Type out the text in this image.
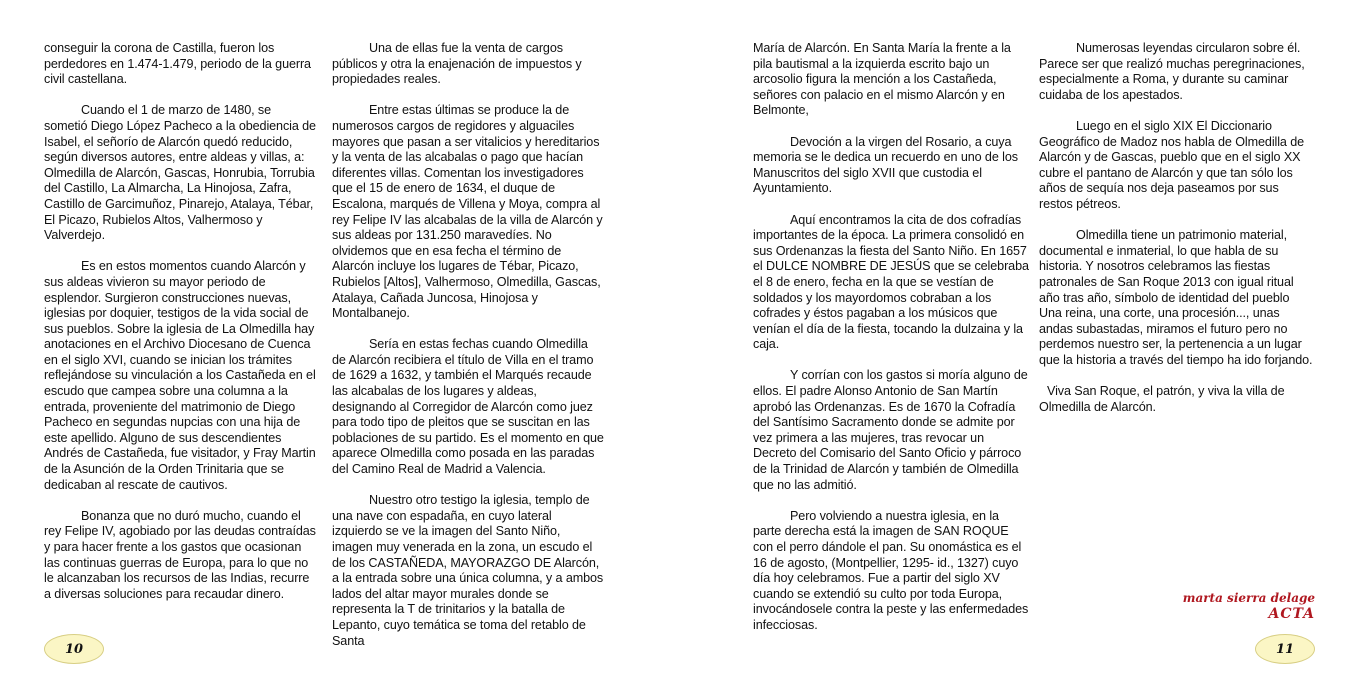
conseguir la corona de Castilla, fueron los perdedores en 1.474-1.479, periodo de la guerra civil castellana.

Cuando el 1 de marzo de 1480, se sometió Diego López Pacheco a la obediencia de Isabel, el señorío de Alarcón quedó reducido, según diversos autores, entre aldeas y villas, a: Olmedilla de Alarcón, Gascas, Honrubia, Torrubia del Castillo, La Almarcha, La Hinojosa, Zafra, Castillo de Garcimuñoz, Pinarejo, Atalaya, Tébar, El Picazo, Rubielos Altos, Valhermoso y Valverdejo.

Es en estos momentos cuando Alarcón y sus aldeas vivieron su mayor periodo de esplendor. Surgieron construcciones nuevas, iglesias por doquier, testigos de la vida social de sus pueblos. Sobre la iglesia de La Olmedilla hay anotaciones en el Archivo Diocesano de Cuenca en el siglo XVI, cuando se inician los trámites reflejándose su vinculación a los Castañeda en el escudo que campea sobre una columna a la entrada, proveniente del matrimonio de Diego Pacheco en segundas nupcias con una hija de este apellido. Alguno de sus descendientes Andrés de Castañeda, fue visitador, y Fray Martin de la Asunción de la Orden Trinitaria que se dedicaban al rescate de cautivos.

Bonanza que no duró mucho, cuando el rey Felipe IV, agobiado por las deudas contraídas y para hacer frente a los gastos que ocasionan las continuas guerras de Europa, para lo que no le alcanzaban los recursos de las Indias, recurre a diversas soluciones para recaudar dinero.

Una de ellas fue la venta de cargos públicos y otra la enajenación de impuestos y propiedades reales.

Entre estas últimas se produce la de numerosos cargos de regidores y alguaciles mayores que pasan a ser vitalicios y hereditarios y la venta de las alcabalas o pago que hacían diferentes villas. Comentan los investigadores que el 15 de enero de 1634, el duque de Escalona, marqués de Villena y Moya, compra al rey Felipe IV las alcabalas de la villa de Alarcón y sus aldeas por 131.250 maravedíes. No olvidemos que en esa fecha el término de Alarcón incluye los lugares de Tébar, Picazo, Rubielos [Altos], Valhermoso, Olmedilla, Gascas, Atalaya, Cañada Juncosa, Hinojosa y Montalbanejo.

Sería en estas fechas cuando Olmedilla de Alarcón recibiera el título de Villa en el tramo de 1629 a 1632, y también el Marqués recaude las alcabalas de los lugares y aldeas, designando al Corregidor de Alarcón como juez para todo tipo de pleitos que se suscitan en las poblaciones de su partido. Es el momento en que aparece Olmedilla como posada en las paradas del Camino Real de Madrid a Valencia.

Nuestro otro testigo la iglesia, templo de una nave con espadaña, en cuyo lateral izquierdo se ve la imagen del Santo Niño, imagen muy venerada en la zona, un escudo el de los CASTAÑEDA, MAYORAZGO DE Alarcón, a la entrada sobre una única columna, y a ambos lados del altar mayor murales donde se representa la T de trinitarios y la batalla de Lepanto, cuyo temática se toma del retablo de Santa

María de Alarcón. En Santa María la frente a la pila bautismal a la izquierda escrito bajo un arcosolio figura la mención a los Castañeda, señores con palacio en el mismo Alarcón y en Belmonte,

Devoción a la virgen del Rosario, a cuya memoria se le dedica un recuerdo en uno de los Manuscritos del siglo XVII que custodia el Ayuntamiento.

Aquí encontramos la cita de dos cofradías importantes de la época. La primera consolidó en sus Ordenanzas la fiesta del Santo Niño. En 1657 el DULCE NOMBRE DE JESÚS que se celebraba el 8 de enero, fecha en la que se vestían de soldados y los mayordomos cobraban a los cofrades y éstos pagaban a los músicos que venían el día de la fiesta, tocando la dulzaina y la caja.

Y corrían con los gastos si moría alguno de ellos. El padre Alonso Antonio de San Martín aprobó las Ordenanzas. Es de 1670 la Cofradía del Santísimo Sacramento donde se admite por vez primera a las mujeres, tras revocar un Decreto del Comisario del Santo Oficio y párroco de la Trinidad de Alarcón y también de Olmedilla que no las admitió.

Pero volviendo a nuestra iglesia, en la parte derecha está la imagen de SAN ROQUE con el perro dándole el pan. Su onomástica es el 16 de agosto, (Montpellier, 1295- id., 1327) cuyo día hoy celebramos. Fue a partir del siglo XV cuando se extendió su culto por toda Europa, invocándosele contra la peste y las enfermedades infecciosas.

Numerosas leyendas circularon sobre él. Parece ser que realizó muchas peregrinaciones, especialmente a Roma, y durante su caminar cuidaba de los apestados.

Luego en el siglo XIX El Diccionario Geográfico de Madoz nos habla de Olmedilla de Alarcón y de Gascas, pueblo que en el siglo XX cubre el pantano de Alarcón y que tan sólo los años de sequía nos deja paseamos por sus restos pétreos.

Olmedilla tiene un patrimonio material, documental e inmaterial, lo que habla de su historia. Y nosotros celebramos las fiestas patronales de San Roque 2013 con igual ritual año tras año, símbolo de identidad del pueblo Una reina, una corte, una procesión..., unas andas subastadas, miramos el futuro pero no perdemos nuestro ser, la pertenencia a un lugar que la historia a través del tiempo ha ido forjando.

Viva San Roque, el patrón, y viva la villa de Olmedilla de Alarcón.

marta sierra delage
ACTA
10	11
